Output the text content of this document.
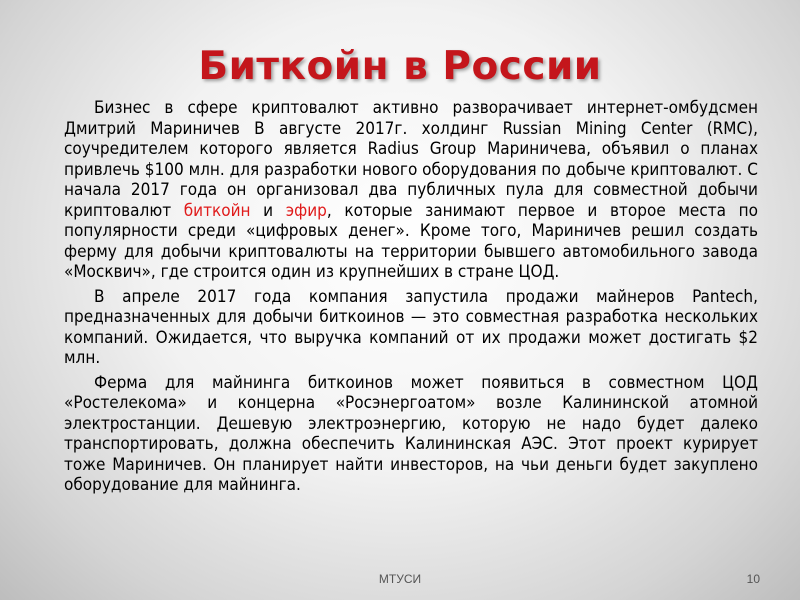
Биткойн в России

Бизнес в сфере криптовалют активно разворачивает интернет-омбудсмен Дмитрий Мариничев В августе 2017г. холдинг Russian Mining Center (RMC), соучредителем которого является Radius Group Мариничева, объявил о планах привлечь $100 млн. для разработки нового оборудования по добыче криптовалют. С начала 2017 года он организовал два публичных пула для совместной добычи криптовалют биткойн и эфир, которые занимают первое и второе места по популярности среди «цифровых денег». Кроме того, Мариничев решил создать ферму для добычи криптовалюты на территории бывшего автомобильного завода «Москвич», где строится один из крупнейших в стране ЦОД.

В апреле 2017 года компания запустила продажи майнеров Pantech, предназначенных для добычи биткоинов — это совместная разработка нескольких компаний. Ожидается, что выручка компаний от их продажи может достигать $2 млн.

Ферма для майнинга биткоинов может появиться в совместном ЦОД «Ростелекома» и концерна «Росэнергоатом» возле Калининской атомной электростанции. Дешевую электроэнергию, которую не надо будет далеко транспортировать, должна обеспечить Калининская АЭС. Этот проект курирует тоже Мариничев. Он планирует найти инвесторов, на чьи деньги будет закуплено оборудование для майнинга.

МТУСИ	10
